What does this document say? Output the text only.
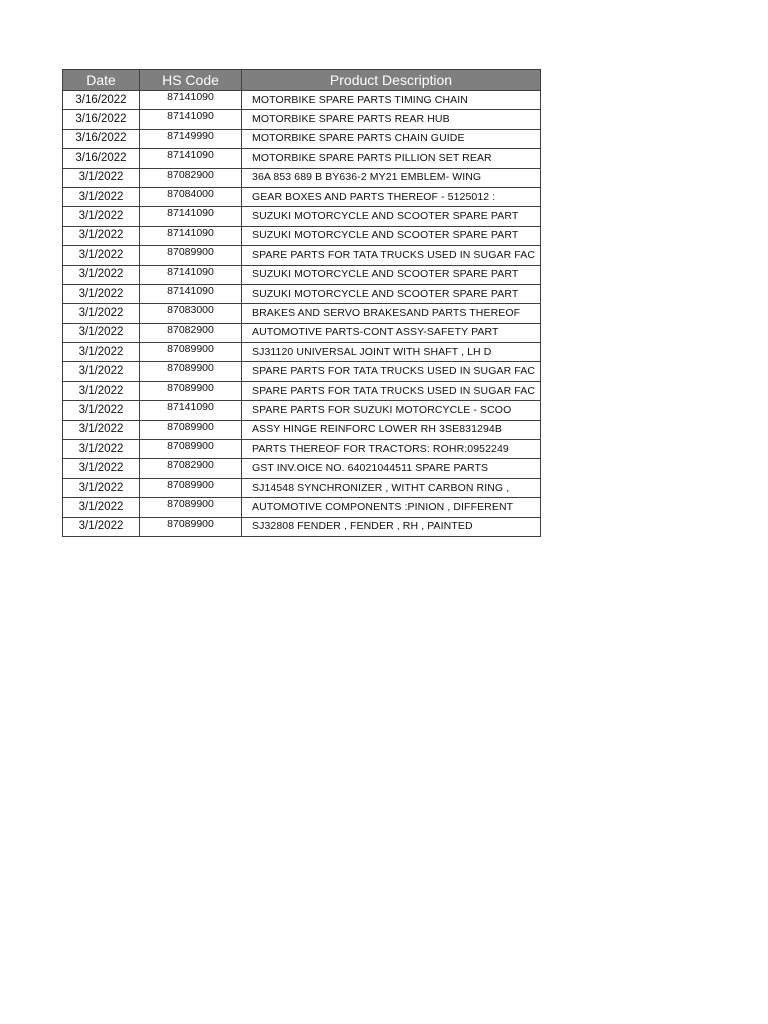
Date	HS Code	Product Description
3/16/2022	87141090	MOTORBIKE SPARE PARTS TIMING CHAIN
3/16/2022	87141090	MOTORBIKE SPARE PARTS REAR HUB
3/16/2022	87149990	MOTORBIKE SPARE PARTS CHAIN GUIDE
3/16/2022	87141090	MOTORBIKE SPARE PARTS PILLION SET REAR
3/1/2022	87082900	36A 853 689 B BY636-2 MY21 EMBLEM- WING
3/1/2022	87084000	GEAR BOXES AND PARTS THEREOF - 5125012 :
3/1/2022	87141090	SUZUKI MOTORCYCLE AND SCOOTER SPARE PART
3/1/2022	87141090	SUZUKI MOTORCYCLE AND SCOOTER SPARE PART
3/1/2022	87089900	SPARE PARTS FOR TATA TRUCKS USED IN SUGAR FAC
3/1/2022	87141090	SUZUKI MOTORCYCLE AND SCOOTER SPARE PART
3/1/2022	87141090	SUZUKI MOTORCYCLE AND SCOOTER SPARE PART
3/1/2022	87083000	BRAKES AND SERVO BRAKESAND PARTS THEREOF
3/1/2022	87082900	AUTOMOTIVE PARTS-CONT ASSY-SAFETY PART
3/1/2022	87089900	SJ31120 UNIVERSAL JOINT WITH SHAFT , LH D
3/1/2022	87089900	SPARE PARTS FOR TATA TRUCKS USED IN SUGAR FAC
3/1/2022	87089900	SPARE PARTS FOR TATA TRUCKS USED IN SUGAR FAC
3/1/2022	87141090	SPARE PARTS FOR SUZUKI MOTORCYCLE - SCOO
3/1/2022	87089900	ASSY HINGE REINFORC LOWER RH 3SE831294B
3/1/2022	87089900	PARTS THEREOF FOR TRACTORS: ROHR:0952249
3/1/2022	87082900	GST INV.OICE NO. 64021044511 SPARE PARTS
3/1/2022	87089900	SJ14548 SYNCHRONIZER , WITHT CARBON RING ,
3/1/2022	87089900	AUTOMOTIVE COMPONENTS :PINION , DIFFERENT
3/1/2022	87089900	SJ32808 FENDER , FENDER , RH , PAINTED
